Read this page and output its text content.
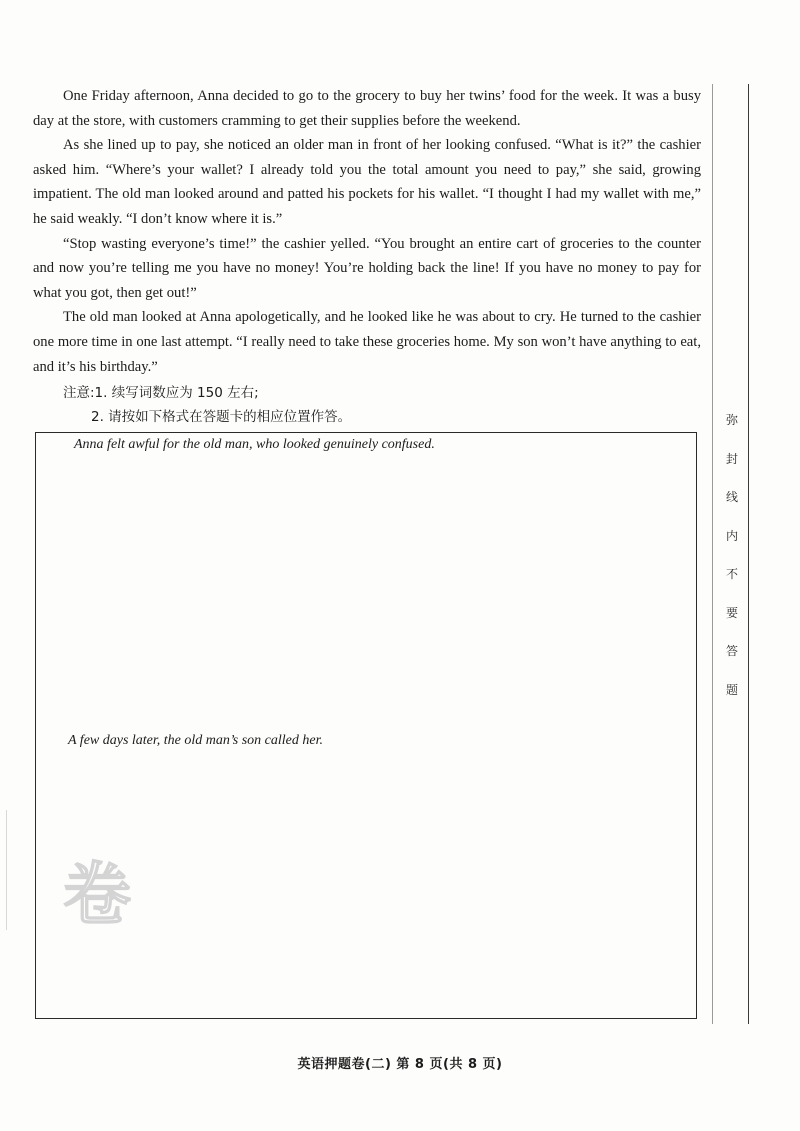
One Friday afternoon, Anna decided to go to the grocery to buy her twins’ food for the week. It was a busy day at the store, with customers cramming to get their supplies before the weekend.

As she lined up to pay, she noticed an older man in front of her looking confused. “What is it?” the cashier asked him. “Where’s your wallet? I already told you the total amount you need to pay,” she said, growing impatient. The old man looked around and patted his pockets for his wallet. “I thought I had my wallet with me,” he said weakly. “I don’t know where it is.”

“Stop wasting everyone’s time!” the cashier yelled. “You brought an entire cart of groceries to the counter and now you’re telling me you have no money! You’re holding back the line! If you have no money to pay for what you got, then get out!”

The old man looked at Anna apologetically, and he looked like he was about to cry. He turned to the cashier one more time in one last attempt. “I really need to take these groceries home. My son won’t have anything to eat, and it’s his birthday.”

注意:1. 续写词数应为 150 左右;
2. 请按如下格式在答题卡的相应位置作答。
Anna felt awful for the old man, who looked genuinely confused.
A few days later, the old man’s son called her.
卷
弥
封
线
内
不
要
答
题
英语押题卷(二) 第 8 页(共 8 页)
